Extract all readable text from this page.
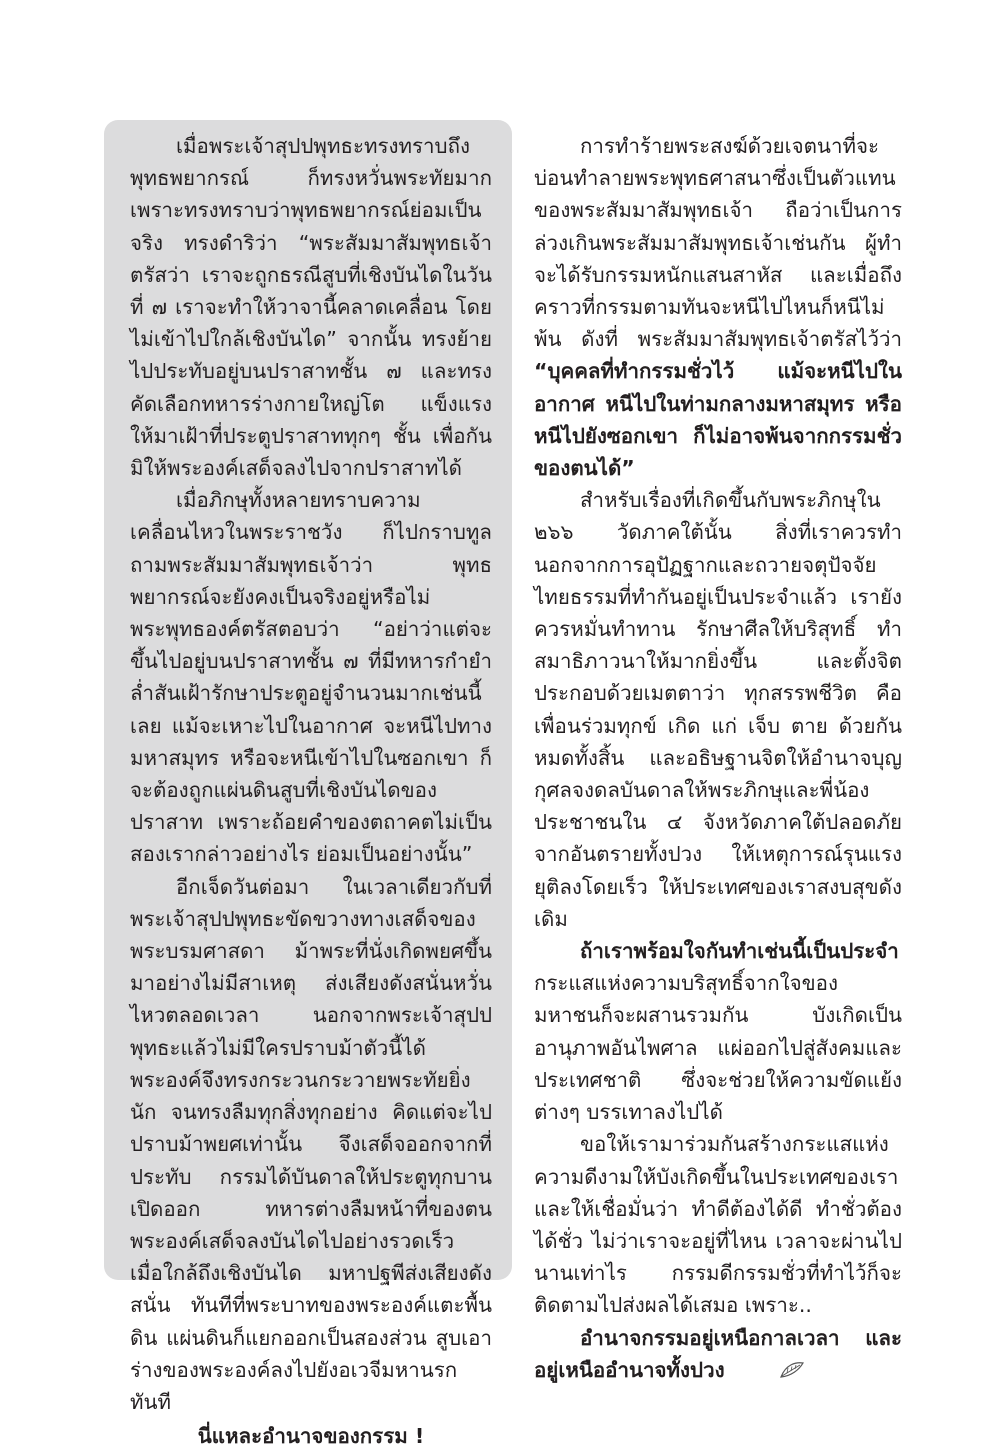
เมื่อพระเจ้าสุปปพุทธะทรงทราบถึงพุทธพยากรณ์ ก็ทรงหวั่นพระทัยมาก เพราะทรงทราบว่าพุทธพยากรณ์ย่อมเป็นจริง ทรงดำริว่า “พระสัมมาสัมพุทธเจ้าตรัสว่า เราจะถูกธรณีสูบที่เชิงบันไดในวันที่ ๗ เราจะทำให้วาจานี้คลาดเคลื่อน โดยไม่เข้าไปใกล้เชิงบันได” จากนั้น ทรงย้ายไปประทับอยู่บนปราสาทชั้น ๗ และทรงคัดเลือกทหารร่างกายใหญ่โต แข็งแรง ให้มาเฝ้าที่ประตูปราสาททุกๆ ชั้น เพื่อกันมิให้พระองค์เสด็จลงไปจากปราสาทได้

เมื่อภิกษุทั้งหลายทราบความเคลื่อนไหวในพระราชวัง ก็ไปกราบทูลถามพระสัมมาสัมพุทธเจ้าว่า พุทธพยากรณ์จะยังคงเป็นจริงอยู่หรือไม่ พระพุทธองค์ตรัสตอบว่า “อย่าว่าแต่จะขึ้นไปอยู่บนปราสาทชั้น ๗ ที่มีทหารกำยำล่ำสันเฝ้ารักษาประตูอยู่จำนวนมากเช่นนี้เลย แม้จะเหาะไปในอากาศ จะหนีไปทางมหาสมุทร หรือจะหนีเข้าไปในซอกเขา ก็จะต้องถูกแผ่นดินสูบที่เชิงบันไดของปราสาท เพราะถ้อยคำของตถาคตไม่เป็นสองเรากล่าวอย่างไร ย่อมเป็นอย่างนั้น”

อีกเจ็ดวันต่อมา ในเวลาเดียวกับที่พระเจ้าสุปปพุทธะขัดขวางทางเสด็จของพระบรมศาสดา ม้าพระที่นั่งเกิดพยศขึ้นมาอย่างไม่มีสาเหตุ ส่งเสียงดังสนั่นหวั่นไหวตลอดเวลา นอกจากพระเจ้าสุปปพุทธะแล้วไม่มีใครปราบม้าตัวนี้ได้ พระองค์จึงทรงกระวนกระวายพระทัยยิ่งนัก จนทรงลืมทุกสิ่งทุกอย่าง คิดแต่จะไปปราบม้าพยศเท่านั้น จึงเสด็จออกจากที่ประทับ กรรมได้บันดาลให้ประตูทุกบานเปิดออก ทหารต่างลืมหน้าที่ของตน พระองค์เสด็จลงบันไดไปอย่างรวดเร็ว เมื่อใกล้ถึงเชิงบันได มหาปฐพีส่งเสียงดังสนั่น ทันทีที่พระบาทของพระองค์แตะพื้นดิน แผ่นดินก็แยกออกเป็นสองส่วน สูบเอาร่างของพระองค์ลงไปยังอเวจีมหานรกทันที

นี่แหละอำนาจของกรรม !

การทำร้ายพระสงฆ์ด้วยเจตนาที่จะบ่อนทำลายพระพุทธศาสนาซึ่งเป็นตัวแทนของพระสัมมาสัมพุทธเจ้า ถือว่าเป็นการล่วงเกินพระสัมมาสัมพุทธเจ้าเช่นกัน ผู้ทำจะได้รับกรรมหนักแสนสาหัส และเมื่อถึงคราวที่กรรมตามทันจะหนีไปไหนก็หนีไม่พ้น ดังที่ พระสัมมาสัมพุทธเจ้าตรัสไว้ว่า “บุคคลที่ทำกรรมชั่วไว้ แม้จะหนีไปในอากาศ หนีไปในท่ามกลางมหาสมุทร หรือหนีไปยังซอกเขา ก็ไม่อาจพ้นจากกรรมชั่วของตนได้”

สำหรับเรื่องที่เกิดขึ้นกับพระภิกษุใน ๒๖๖ วัดภาคใต้นั้น สิ่งที่เราควรทำนอกจากการอุปัฏฐากและถวายจตุปัจจัยไทยธรรมที่ทำกันอยู่เป็นประจำแล้ว เรายังควรหมั่นทำทาน รักษาศีลให้บริสุทธิ์ ทำสมาธิภาวนาให้มากยิ่งขึ้น และตั้งจิตประกอบด้วยเมตตาว่า ทุกสรรพชีวิต คือ เพื่อนร่วมทุกข์ เกิด แก่ เจ็บ ตาย ด้วยกันหมดทั้งสิ้น และอธิษฐานจิตให้อำนาจบุญกุศลจงดลบันดาลให้พระภิกษุและพี่น้องประชาชนใน ๔ จังหวัดภาคใต้ปลอดภัยจากอันตรายทั้งปวง ให้เหตุการณ์รุนแรงยุติลงโดยเร็ว ให้ประเทศของเราสงบสุขดังเดิม

ถ้าเราพร้อมใจกันทำเช่นนี้เป็นประจำ กระแสแห่งความบริสุทธิ์จากใจของมหาชนก็จะผสานรวมกัน บังเกิดเป็นอานุภาพอันไพศาล แผ่ออกไปสู่สังคมและประเทศชาติ ซึ่งจะช่วยให้ความขัดแย้งต่างๆ บรรเทาลงไปได้

ขอให้เรามาร่วมกันสร้างกระแสแห่งความดีงามให้บังเกิดขึ้นในประเทศของเราและให้เชื่อมั่นว่า ทำดีต้องได้ดี ทำชั่วต้องได้ชั่ว ไม่ว่าเราจะอยู่ที่ไหน เวลาจะผ่านไปนานเท่าไร กรรมดีกรรมชั่วที่ทำไว้ก็จะติดตามไปส่งผลได้เสมอ เพราะ..

อำนาจกรรมอยู่เหนือกาลเวลา และอยู่เหนืออำนาจทั้งปวง
